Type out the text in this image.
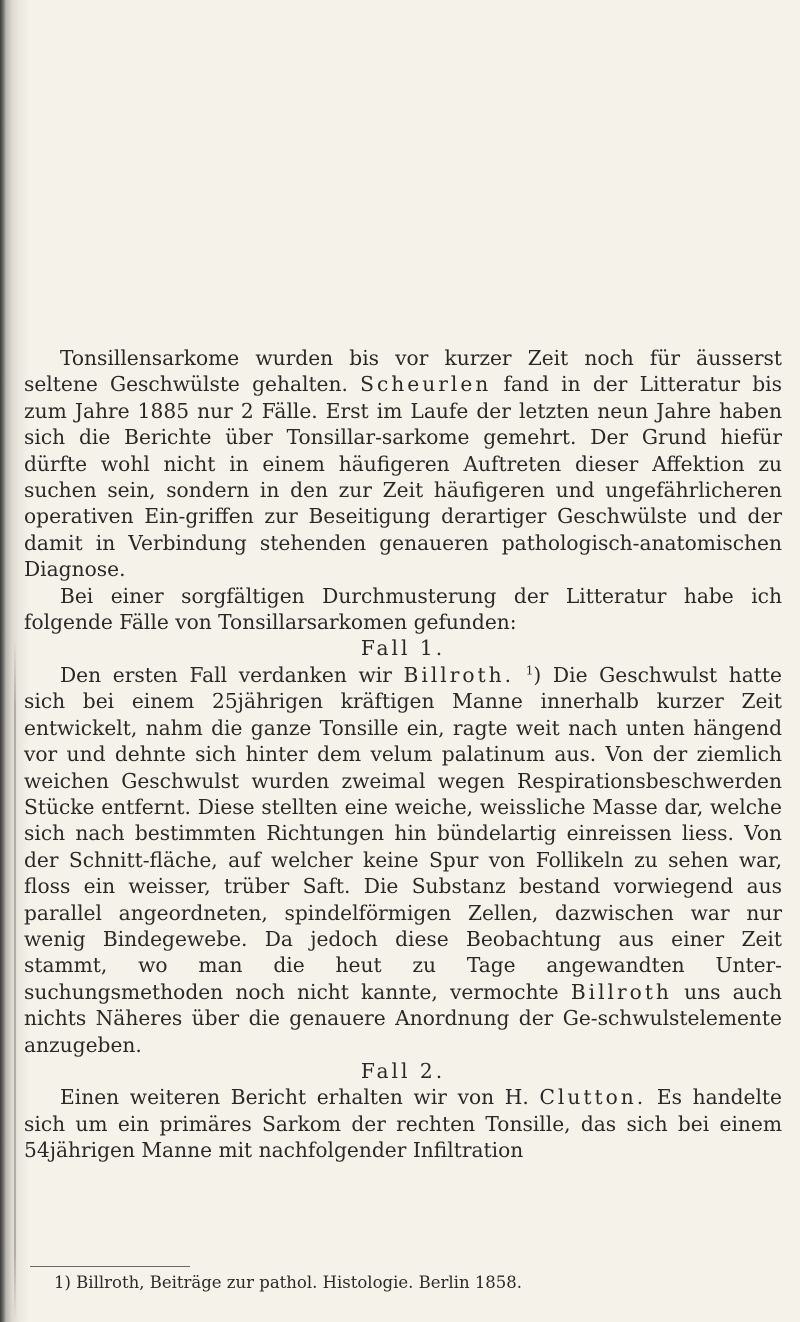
Tonsillensarkome wurden bis vor kurzer Zeit noch für äusserst seltene Geschwülste gehalten. Scheurlen fand in der Litteratur bis zum Jahre 1885 nur 2 Fälle. Erst im Laufe der letzten neun Jahre haben sich die Berichte über Tonsillar-sarkome gemehrt. Der Grund hiefür dürfte wohl nicht in einem häufigeren Auftreten dieser Affektion zu suchen sein, sondern in den zur Zeit häufigeren und ungefährlicheren operativen Ein-griffen zur Beseitigung derartiger Geschwülste und der damit in Verbindung stehenden genaueren pathologisch-anatomischen Diagnose.

Bei einer sorgfältigen Durchmusterung der Litteratur habe ich folgende Fälle von Tonsillarsarkomen gefunden:

Fall 1.

Den ersten Fall verdanken wir Billroth. $^1$) Die Geschwulst hatte sich bei einem 25jährigen kräftigen Manne innerhalb kurzer Zeit entwickelt, nahm die ganze Tonsille ein, ragte weit nach unten hängend vor und dehnte sich hinter dem velum palatinum aus. Von der ziemlich weichen Geschwulst wurden zweimal wegen Respirationsbeschwerden Stücke entfernt. Diese stellten eine weiche, weissliche Masse dar, welche sich nach bestimmten Richtungen hin bündelartig einreissen liess. Von der Schnitt-fläche, auf welcher keine Spur von Follikeln zu sehen war, floss ein weisser, trüber Saft. Die Substanz bestand vorwiegend aus parallel angeordneten, spindelförmigen Zellen, dazwischen war nur wenig Bindegewebe. Da jedoch diese Beobachtung aus einer Zeit stammt, wo man die heut zu Tage angewandten Unter-suchungsmethoden noch nicht kannte, vermochte Billroth uns auch nichts Näheres über die genauere Anordnung der Ge-schwulstelemente anzugeben.

Fall 2.

Einen weiteren Bericht erhalten wir von H. Clutton. Es handelte sich um ein primäres Sarkom der rechten Tonsille, das sich bei einem 54jährigen Manne mit nachfolgender Infiltration

1) Billroth, Beiträge zur pathol. Histologie. Berlin 1858.
